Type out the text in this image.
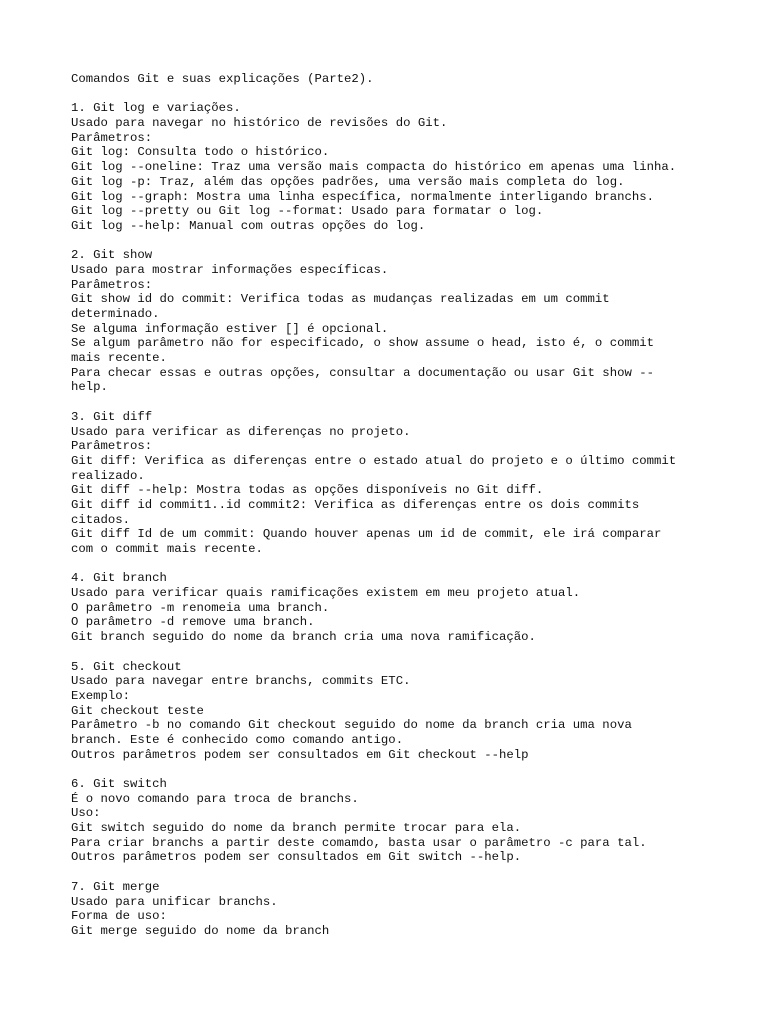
Comandos Git e suas explicações (Parte2).
1. Git log e variações.
Usado para navegar no histórico de revisões do Git.
Parâmetros:
Git log: Consulta todo o histórico.
Git log --oneline: Traz uma versão mais compacta do histórico em apenas uma linha.
Git log -p: Traz, além das opções padrões, uma versão mais completa do log.
Git log --graph: Mostra uma linha específica, normalmente interligando branchs.
Git log --pretty ou Git log --format: Usado para formatar o log.
Git log --help: Manual com outras opções do log.
2. Git show
Usado para mostrar informações específicas.
Parâmetros:
Git show id do commit: Verifica todas as mudanças realizadas em um commit
determinado.
Se alguma informação estiver [] é opcional.
Se algum parâmetro não for especificado, o show assume o head, isto é, o commit
mais recente.
Para checar essas e outras opções, consultar a documentação ou usar Git show --
help.
3. Git diff
Usado para verificar as diferenças no projeto.
Parâmetros:
Git diff: Verifica as diferenças entre o estado atual do projeto e o último commit
realizado.
Git diff --help: Mostra todas as opções disponíveis no Git diff.
Git diff id commit1..id commit2: Verifica as diferenças entre os dois commits
citados.
Git diff Id de um commit: Quando houver apenas um id de commit, ele irá comparar
com o commit mais recente.
4. Git branch
Usado para verificar quais ramificações existem em meu projeto atual.
O parâmetro -m renomeia uma branch.
O parâmetro -d remove uma branch.
Git branch seguido do nome da branch cria uma nova ramificação.
5. Git checkout
Usado para navegar entre branchs, commits ETC.
Exemplo:
Git checkout teste
Parâmetro -b no comando Git checkout seguido do nome da branch cria uma nova
branch. Este é conhecido como comando antigo.
Outros parâmetros podem ser consultados em Git checkout --help
6. Git switch
É o novo comando para troca de branchs.
Uso:
Git switch seguido do nome da branch permite trocar para ela.
Para criar branchs a partir deste comamdo, basta usar o parâmetro -c para tal.
Outros parâmetros podem ser consultados em Git switch --help.
7. Git merge
Usado para unificar branchs.
Forma de uso:
Git merge seguido do nome da branch
